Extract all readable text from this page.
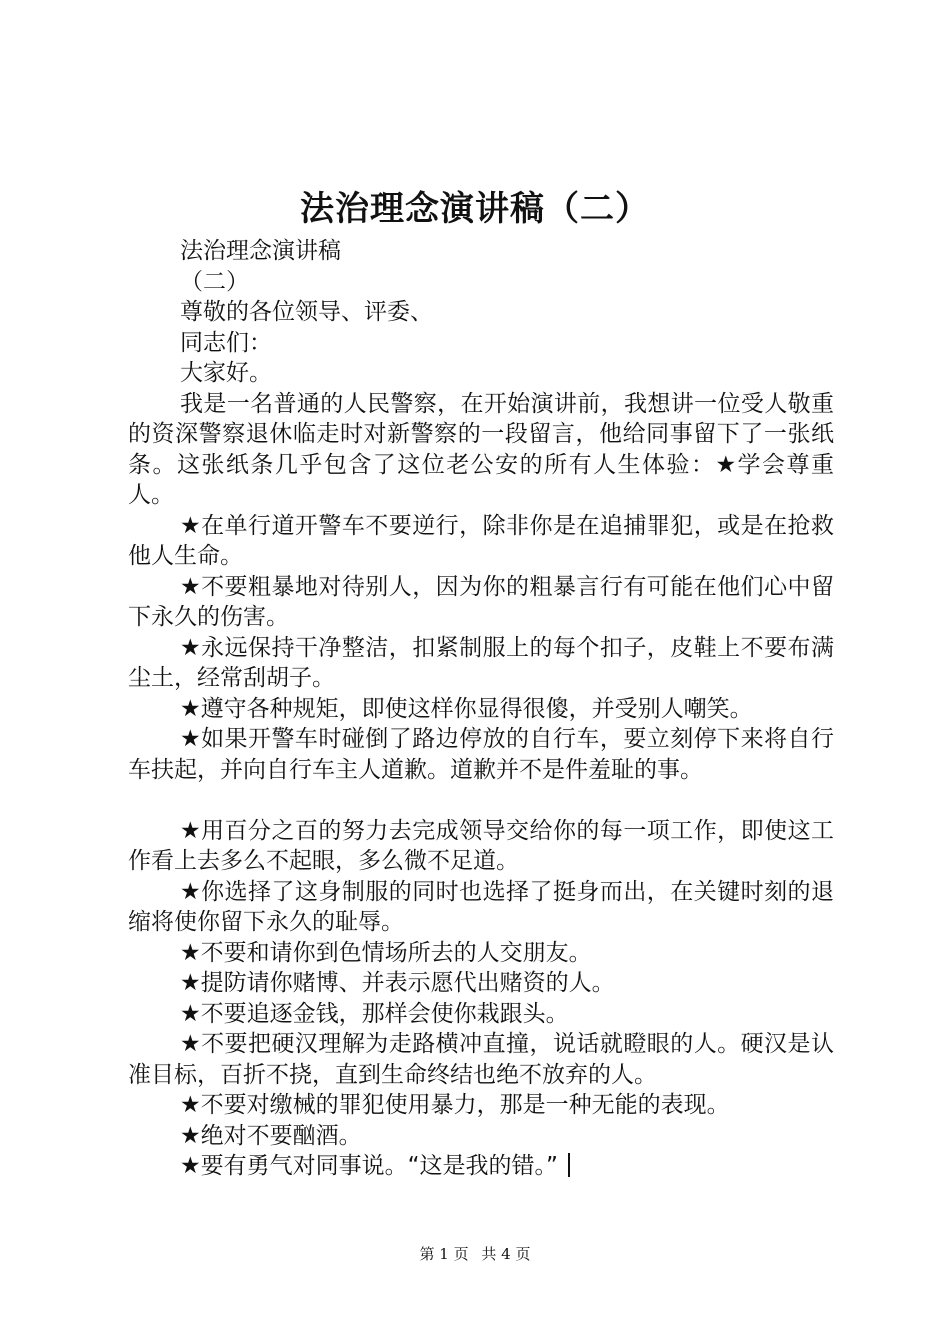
法治理念演讲稿（二）

法治理念演讲稿

（二）

尊敬的各位领导、评委、

同志们：

大家好。

我是一名普通的人民警察，在开始演讲前，我想讲一位受人敬重的资深警察退休临走时对新警察的一段留言，他给同事留下了一张纸条。这张纸条几乎包含了这位老公安的所有人生体验：★学会尊重人。

★在单行道开警车不要逆行，除非你是在追捕罪犯，或是在抢救他人生命。

★不要粗暴地对待别人，因为你的粗暴言行有可能在他们心中留下永久的伤害。

★永远保持干净整洁，扣紧制服上的每个扣子，皮鞋上不要布满尘土，经常刮胡子。

★遵守各种规矩，即使这样你显得很傻，并受别人嘲笑。

★如果开警车时碰倒了路边停放的自行车，要立刻停下来将自行车扶起，并向自行车主人道歉。道歉并不是件羞耻的事。

★用百分之百的努力去完成领导交给你的每一项工作，即使这工作看上去多么不起眼，多么微不足道。

★你选择了这身制服的同时也选择了挺身而出，在关键时刻的退缩将使你留下永久的耻辱。

★不要和请你到色情场所去的人交朋友。

★提防请你赌博、并表示愿代出赌资的人。

★不要追逐金钱，那样会使你栽跟头。

★不要把硬汉理解为走路横冲直撞，说话就瞪眼的人。硬汉是认准目标，百折不挠，直到生命终结也绝不放弃的人。

★不要对缴械的罪犯使用暴力，那是一种无能的表现。

★绝对不要酗酒。

★要有勇气对同事说。“这是我的错。”

第 1 页 共 4 页
